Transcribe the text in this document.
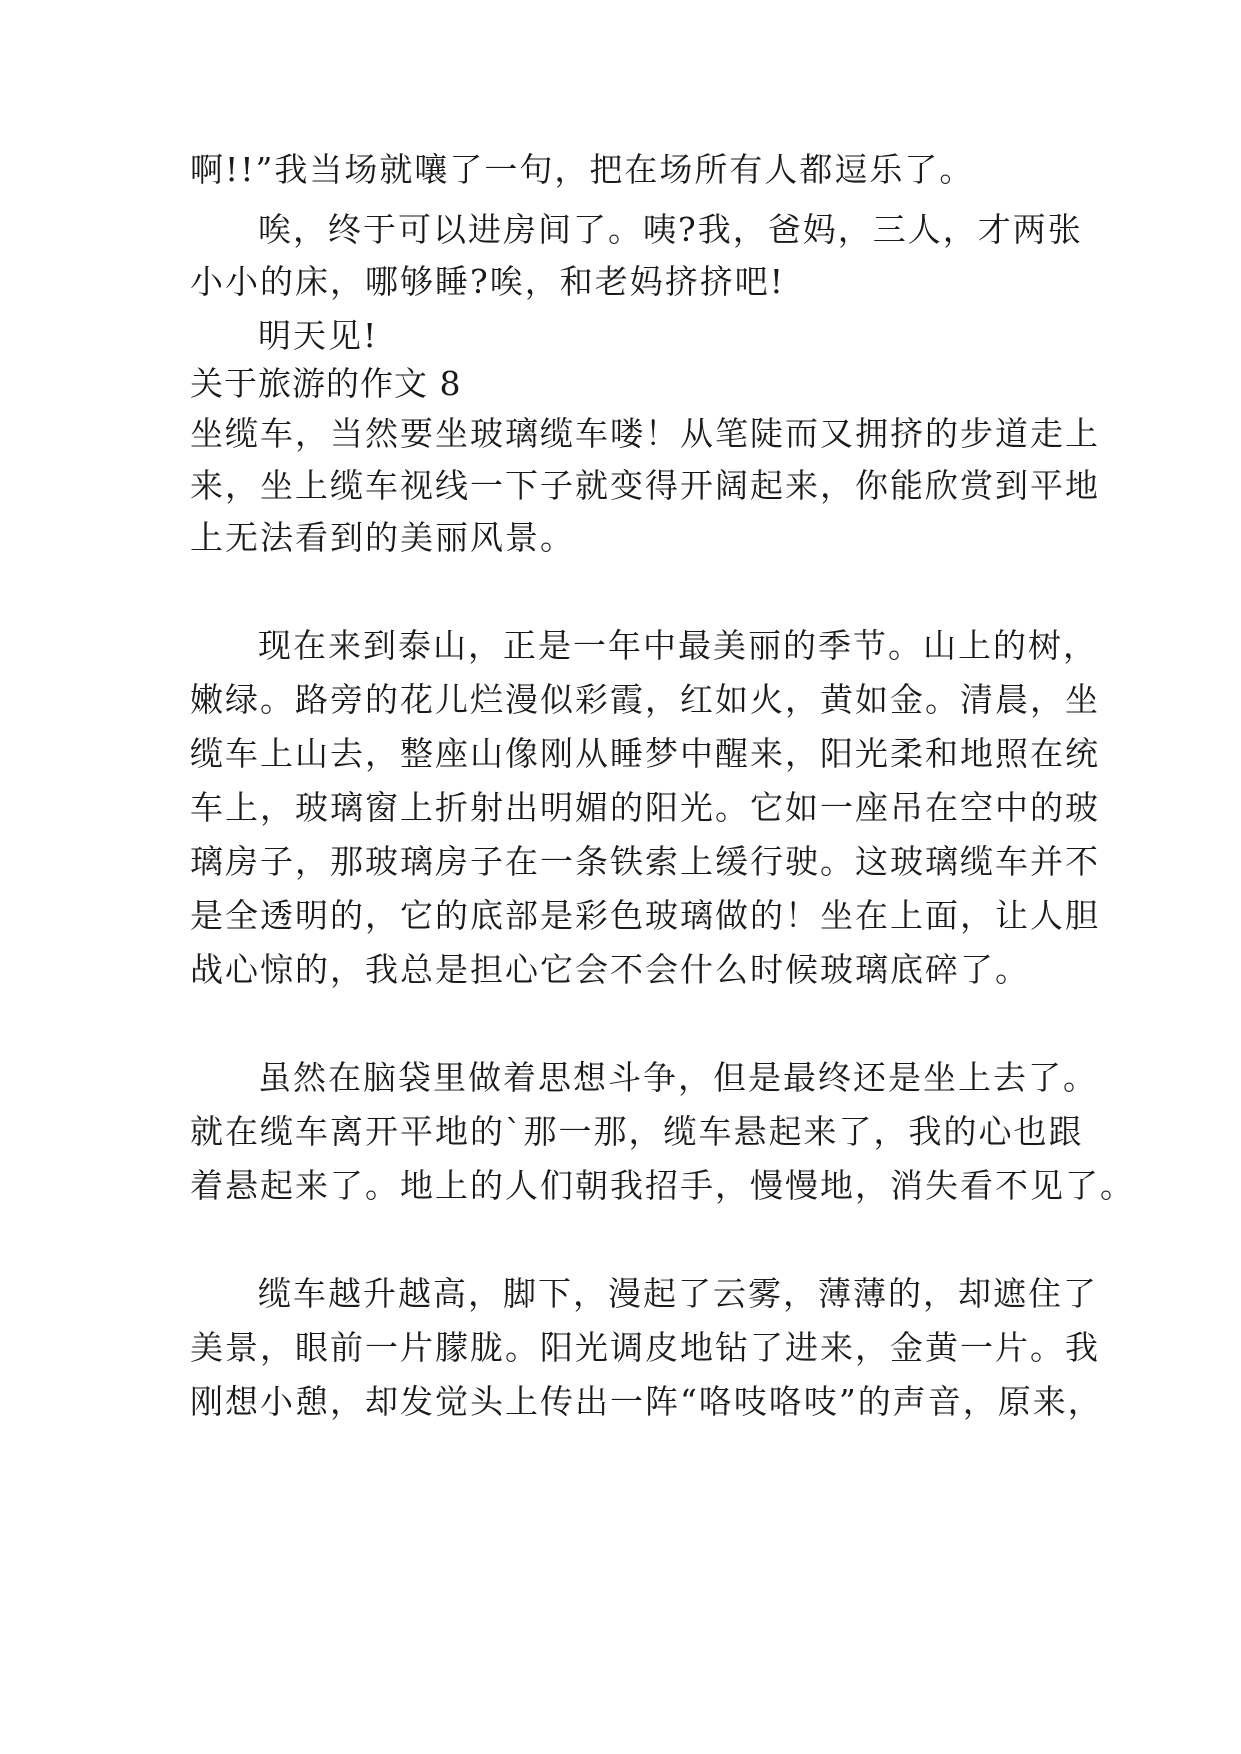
啊!!”我当场就嚷了一句，把在场所有人都逗乐了。
唉，终于可以进房间了。咦?我，爸妈，三人，才两张
小小的床，哪够睡?唉，和老妈挤挤吧!
明天见!
关于旅游的作文 8
坐缆车，当然要坐玻璃缆车喽！从笔陡而又拥挤的步道走上
来，坐上缆车视线一下子就变得开阔起来，你能欣赏到平地
上无法看到的美丽风景。
现在来到泰山，正是一年中最美丽的季节。山上的树，
嫩绿。路旁的花儿烂漫似彩霞，红如火，黄如金。清晨，坐
缆车上山去，整座山像刚从睡梦中醒来，阳光柔和地照在统
车上，玻璃窗上折射出明媚的阳光。它如一座吊在空中的玻
璃房子，那玻璃房子在一条铁索上缓行驶。这玻璃缆车并不
是全透明的，它的底部是彩色玻璃做的！坐在上面，让人胆
战心惊的，我总是担心它会不会什么时候玻璃底碎了。
虽然在脑袋里做着思想斗争，但是最终还是坐上去了。
就在缆车离开平地的`那一那，缆车悬起来了，我的心也跟
着悬起来了。地上的人们朝我招手，慢慢地，消失看不见了。
缆车越升越高，脚下，漫起了云雾，薄薄的，却遮住了
美景，眼前一片朦胧。阳光调皮地钻了进来，金黄一片。我
刚想小憩，却发觉头上传出一阵“咯吱咯吱”的声音，原来，
